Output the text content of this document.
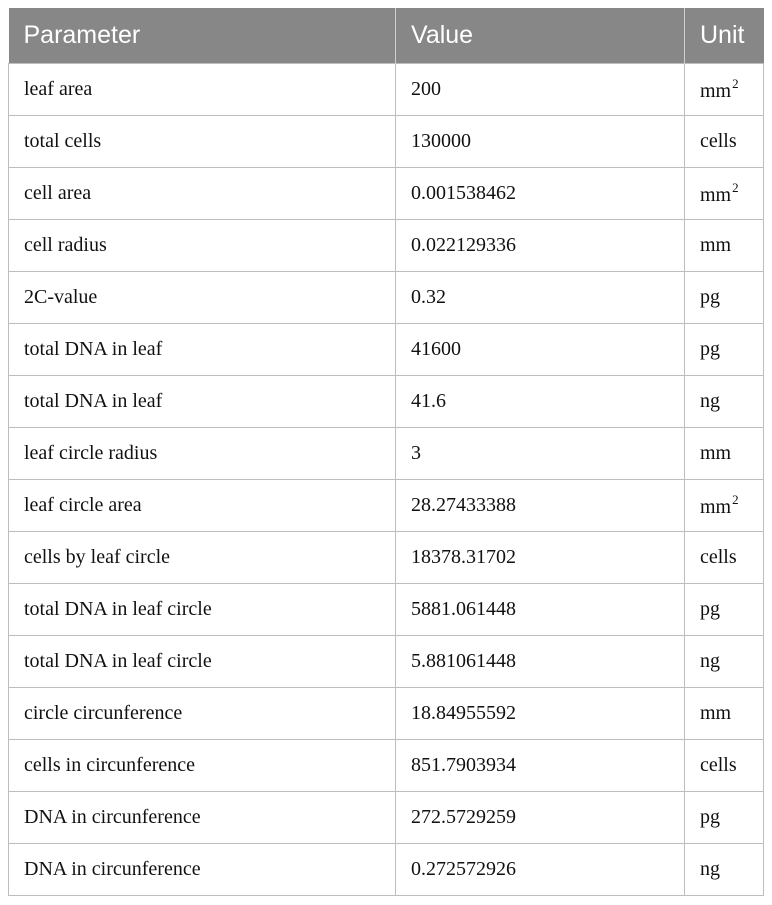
Parameter	Value	Unit
leaf area	200	$mm^2$
total cells	130000	cells
cell area	0.001538462	$mm^2$
cell radius	0.022129336	mm
2C-value	0.32	pg
total DNA in leaf	41600	pg
total DNA in leaf	41.6	ng
leaf circle radius	3	mm
leaf circle area	28.27433388	$mm^2$
cells by leaf circle	18378.31702	cells
total DNA in leaf circle	5881.061448	pg
total DNA in leaf circle	5.881061448	ng
circle circunference	18.84955592	mm
cells in circunference	851.7903934	cells
DNA in circunference	272.5729259	pg
DNA in circunference	0.272572926	ng
